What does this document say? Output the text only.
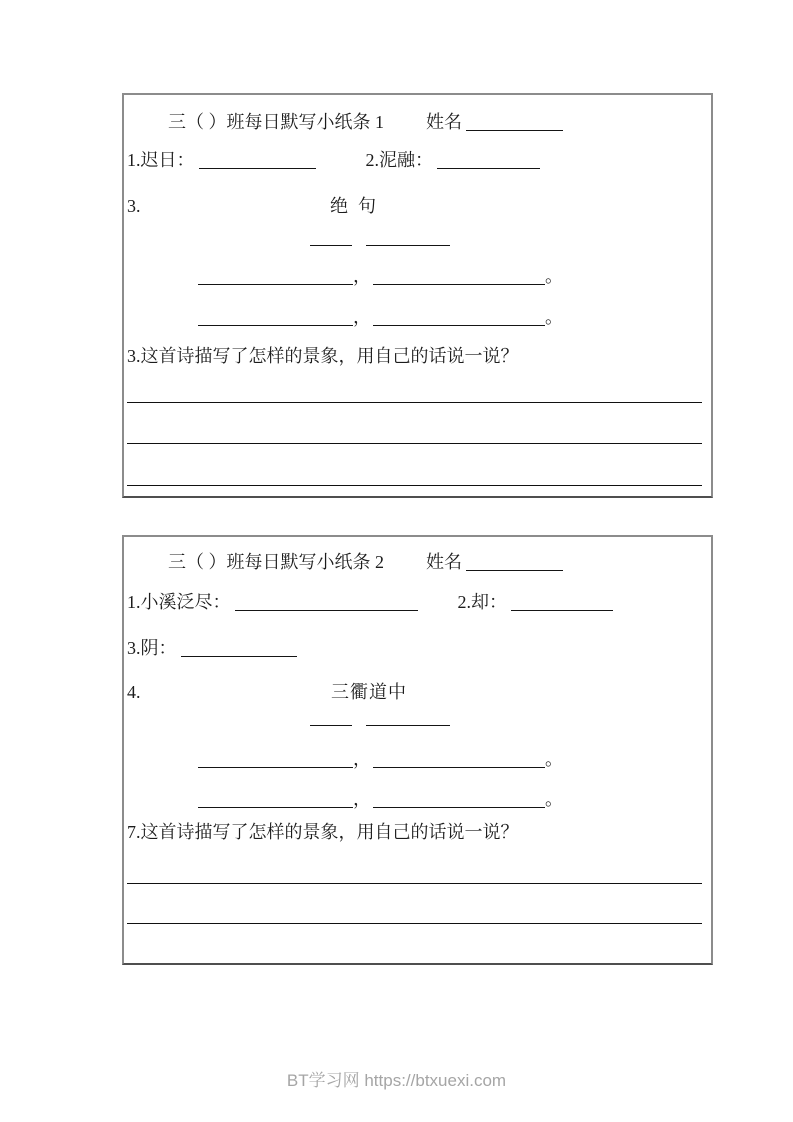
三（ ）班每日默写小纸条 1 姓名
1.迟日：	2.泥融：
3.	绝句
，	。
，	。
3.这首诗描写了怎样的景象，用自己的话说一说？
三（ ）班每日默写小纸条 2 姓名
1.小溪泛尽：	2.却：
3.阴：
4.	三衢道中
，	。
，	。
7.这首诗描写了怎样的景象，用自己的话说一说？
BT学习网 https://btxuexi.com
